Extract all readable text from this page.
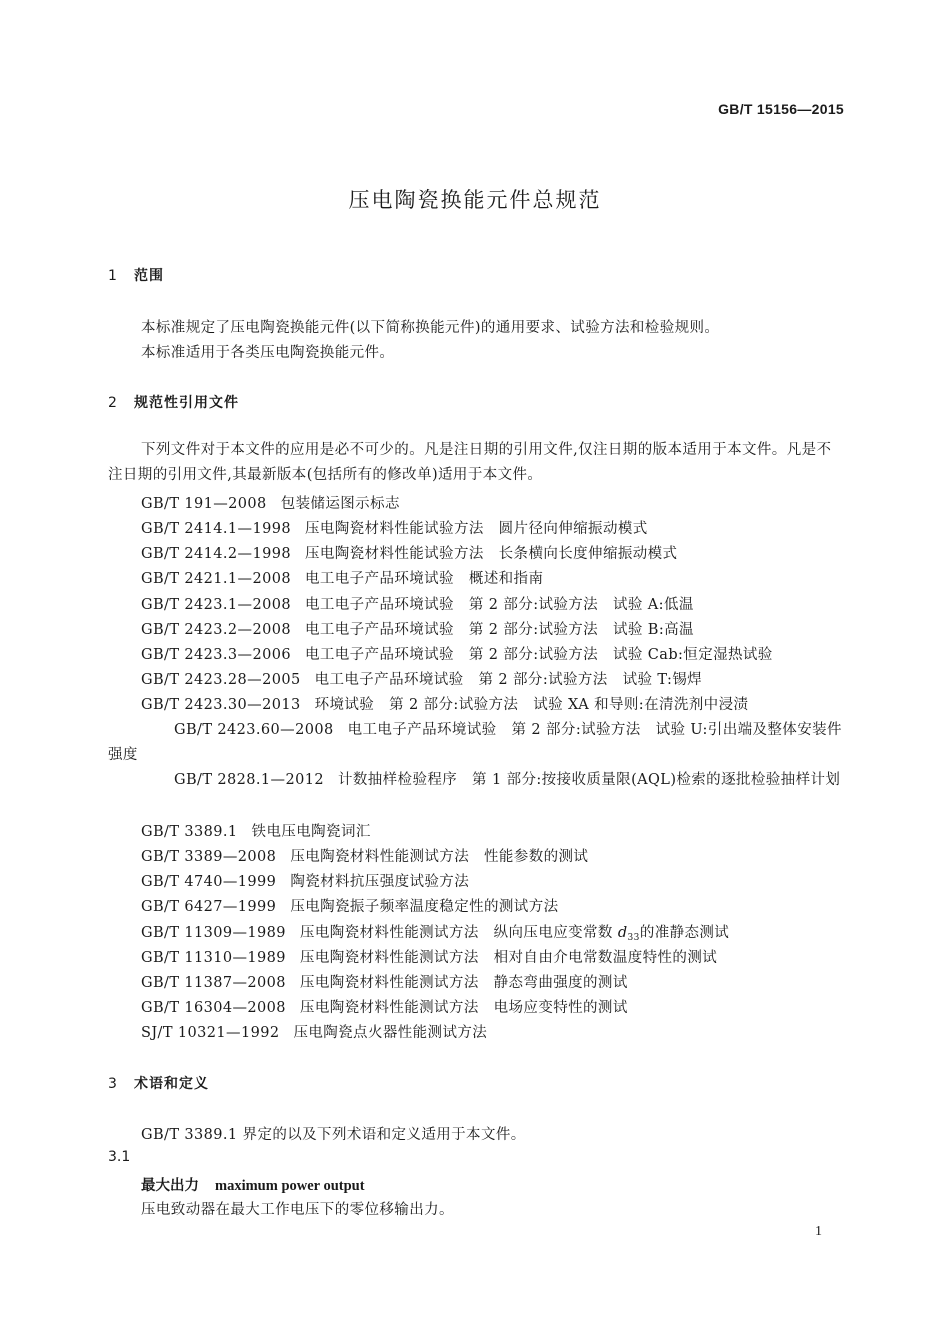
GB/T 15156—2015
压电陶瓷换能元件总规范
1 范围
本标准规定了压电陶瓷换能元件(以下简称换能元件)的通用要求、试验方法和检验规则。
本标准适用于各类压电陶瓷换能元件。
2 规范性引用文件
下列文件对于本文件的应用是必不可少的。凡是注日期的引用文件,仅注日期的版本适用于本文件。凡是不注日期的引用文件,其最新版本(包括所有的修改单)适用于本文件。
GB/T 191—2008 包装储运图示标志
GB/T 2414.1—1998 压电陶瓷材料性能试验方法　圆片径向伸缩振动模式
GB/T 2414.2—1998 压电陶瓷材料性能试验方法　长条横向长度伸缩振动模式
GB/T 2421.1—2008 电工电子产品环境试验　概述和指南
GB/T 2423.1—2008 电工电子产品环境试验　第 2 部分:试验方法　试验 A:低温
GB/T 2423.2—2008 电工电子产品环境试验　第 2 部分:试验方法　试验 B:高温
GB/T 2423.3—2006 电工电子产品环境试验　第 2 部分:试验方法　试验 Cab:恒定湿热试验
GB/T 2423.28—2005 电工电子产品环境试验　第 2 部分:试验方法　试验 T:锡焊
GB/T 2423.30—2013 环境试验　第 2 部分:试验方法　试验 XA 和导则:在清洗剂中浸渍
GB/T 2423.60—2008 电工电子产品环境试验　第 2 部分:试验方法　试验 U:引出端及整体安装件强度
GB/T 2828.1—2012 计数抽样检验程序　第 1 部分:按接收质量限(AQL)检索的逐批检验抽样计划
GB/T 3389.1 铁电压电陶瓷词汇
GB/T 3389—2008 压电陶瓷材料性能测试方法　性能参数的测试
GB/T 4740—1999 陶瓷材料抗压强度试验方法
GB/T 6427—1999 压电陶瓷振子频率温度稳定性的测试方法
GB/T 11309—1989 压电陶瓷材料性能测试方法　纵向压电应变常数 $d_{33}$的准静态测试
GB/T 11310—1989 压电陶瓷材料性能测试方法　相对自由介电常数温度特性的测试
GB/T 11387—2008 压电陶瓷材料性能测试方法　静态弯曲强度的测试
GB/T 16304—2008 压电陶瓷材料性能测试方法　电场应变特性的测试
SJ/T 10321—1992 压电陶瓷点火器性能测试方法
3 术语和定义
GB/T 3389.1 界定的以及下列术语和定义适用于本文件。
3.1
最大出力 maximum power output
压电致动器在最大工作电压下的零位移输出力。
1
